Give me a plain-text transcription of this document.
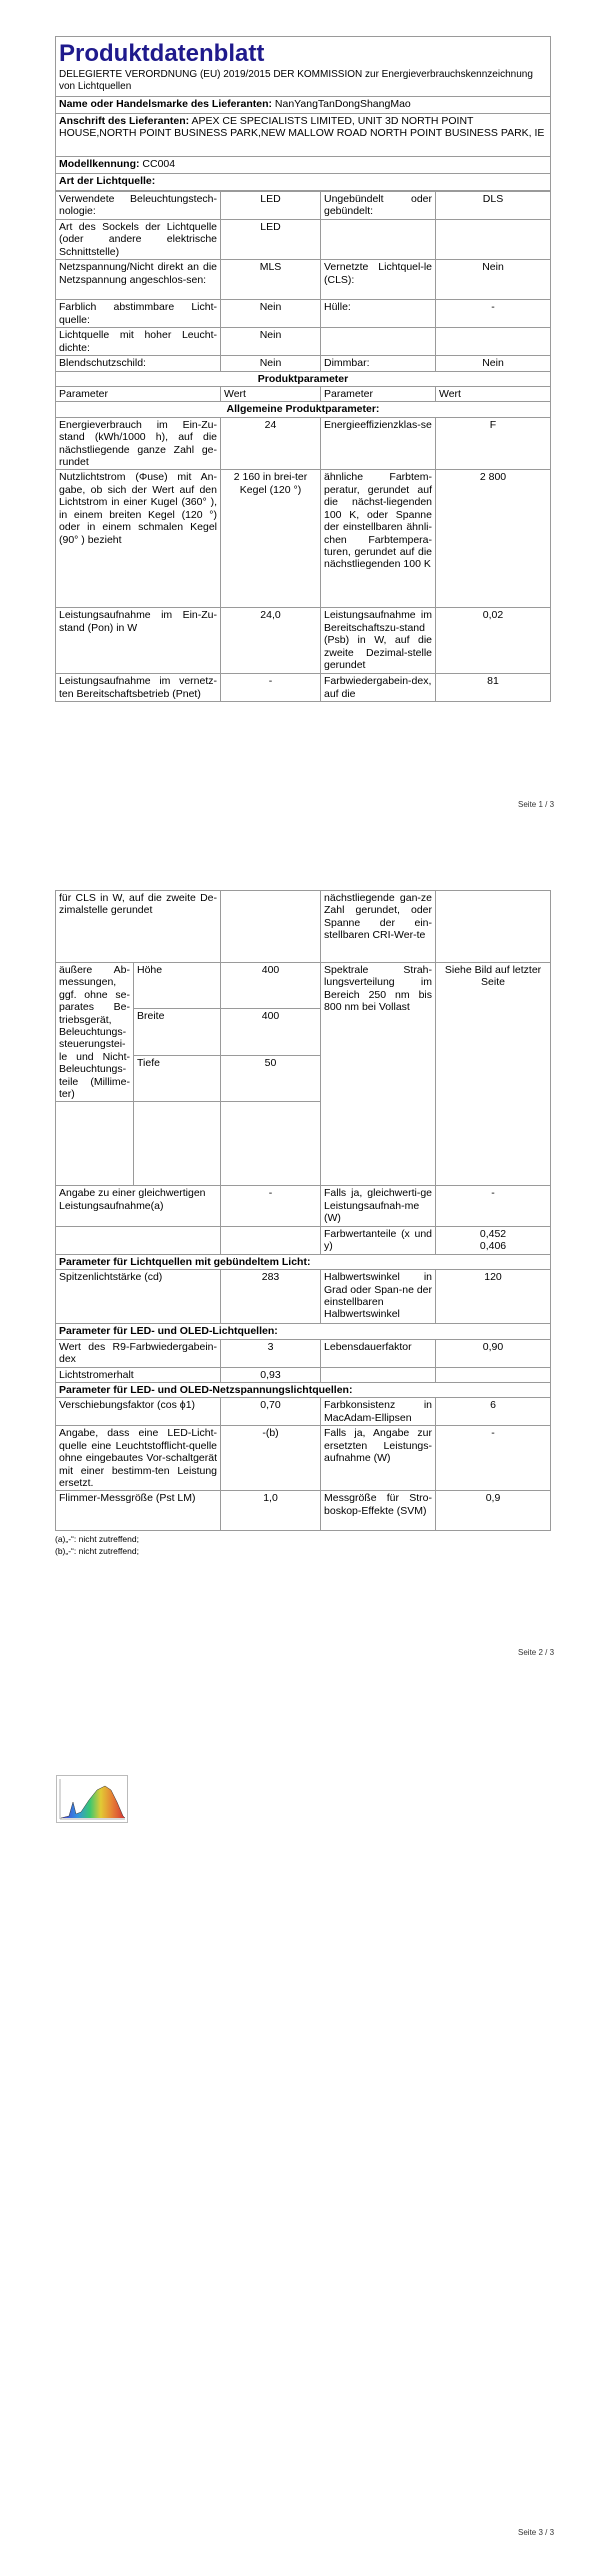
Produktdatenblatt
DELEGIERTE VERORDNUNG (EU) 2019/2015 DER KOMMISSION zur Energieverbrauchskennzeichnung von Lichtquellen

Name oder Handelsmarke des Lieferanten: NanYangTanDongShangMao
Anschrift des Lieferanten: APEX CE SPECIALISTS LIMITED, UNIT 3D NORTH POINT HOUSE,NORTH POINT BUSINESS PARK,NEW MALLOW ROAD NORTH POINT BUSINESS PARK, IE
Modellkennung: CC004
Art der Lichtquelle:
Verwendete Beleuchtungstech-nologie:	LED	Ungebündelt oder gebündelt:	DLS
Art des Sockels der Lichtquelle (oder andere elektrische Schnittstelle)	LED		
Netzspannung/Nicht direkt an die Netzspannung angeschlos-sen:	MLS	Vernetzte Lichtquel-le (CLS):	Nein
Farblich abstimmbare Licht-quelle:	Nein	Hülle:	-
Lichtquelle mit hoher Leucht-dichte:	Nein		
Blendschutzschild:	Nein	Dimmbar:	Nein
Produktparameter			
Parameter	Wert	Parameter	Wert
Allgemeine Produktparameter:			
Energieverbrauch im Ein-Zu-stand (kWh/1000 h), auf die nächstliegende ganze Zahl ge-rundet	24	Energieeffizienzklas-se	F
Nutzlichtstrom (Φuse) mit An-gabe, ob sich der Wert auf den Lichtstrom in einer Kugel (360° ), in einem breiten Kegel (120 °) oder in einem schmalen Kegel (90° ) bezieht	2 160 in brei-ter Kegel (120 °)	ähnliche Farbtem-peratur, gerundet auf die nächst-liegenden 100 K, oder Spanne der einstellbaren ähnli-chen Farbtempera-turen, gerundet auf die nächstliegenden 100 K	2 800
Leistungsaufnahme im Ein-Zu-stand (Pon) in W	24,0	Leistungsaufnahme im Bereitschaftszu-stand (Psb) in W, auf die zweite Dezimal-stelle gerundet	0,02
Leistungsaufnahme im vernetz-ten Bereitschaftsbetrieb (Pnet)	-	Farbwiedergabein-dex, auf die	81
Seite 1 / 3
für CLS in W, auf die zweite De-zimalstelle gerundet			nächstliegende gan-ze Zahl gerundet, oder Spanne der ein-stellbaren CRI-Wer-te	
äußere Ab-messungen, ggf. ohne se-parates Be-triebsgerät, Beleuchtungs-steuerungstei-le und Nicht-Beleuchtungs-teile (Millime-ter)	Höhe	400	Spektrale Strah-lungsverteilung im Bereich 250 nm bis 800 nm bei Vollast	Siehe Bild auf letzter Seite
	Breite	400		
	Tiefe	50		

Angabe zu einer gleichwertigen Leistungsaufnahme(a)		-	Falls ja, gleichwerti-ge Leistungsaufnah-me (W)	-
			Farbwertanteile (x und y)	0,452
0,406

Parameter für Lichtquellen mit gebündeltem Licht:				
Spitzenlichtstärke (cd)		283	Halbwertswinkel in Grad oder Span-ne der einstellbaren Halbwertswinkel	120
Parameter für LED- und OLED-Lichtquellen:				
Wert des R9-Farbwiedergabein-dex		3	Lebensdauerfaktor	0,90
Lichtstromerhalt		0,93		
Parameter für LED- und OLED-Netzspannungslichtquellen:				
Verschiebungsfaktor (cos ϕ1)		0,70	Farbkonsistenz in MacAdam-Ellipsen	6
Angabe, dass eine LED-Licht-quelle eine Leuchtstofflicht-quelle ohne eingebautes Vor-schaltgerät mit einer bestimm-ten Leistung ersetzt.		-(b)	Falls ja, Angabe zur ersetzten Leistungs-aufnahme (W)	-
Flimmer-Messgröße (Pst LM)		1,0	Messgröße für Stro-boskop-Effekte (SVM)	0,9
(a)„-“: nicht zutreffend;
(b)„-“: nicht zutreffend;
Seite 2 / 3
Seite 3 / 3
